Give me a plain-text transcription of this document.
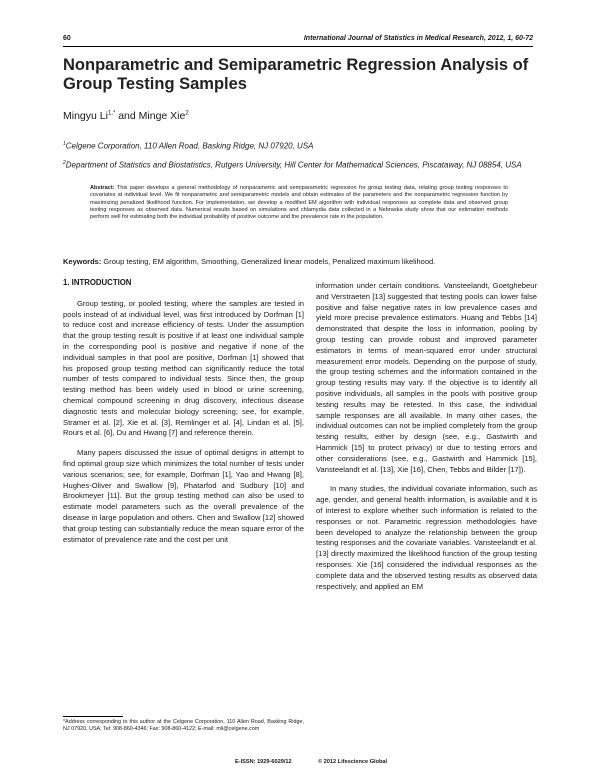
60	International Journal of Statistics in Medical Research, 2012, 1, 60-72
Nonparametric and Semiparametric Regression Analysis of Group Testing Samples
Mingyu $Li^{1,*}$ and Minge Xie$^2$
$^1$Celgene Corporation, 110 Allen Road, Basking Ridge, NJ 07920, USA
$^2$Department of Statistics and Biostatistics, Rutgers University, Hill Center for Mathematical Sciences, Piscataway, NJ 08854, USA
Abstract: This paper develops a general methodology of nonparametric and semiparametric regression for group testing data, relating group testing responses to covariates at individual level. We fit nonparametric and semiparametric models and obtain estimates of the parameters and the nonparametric regression function by maximizing penalized likelihood function. For implementation, we develop a modified EM algorithm with individual responses as complete data and observed group testing responses as observed data. Numerical results based on simulations and chlamydia data collected in a Nebraska study show that our estimation methods perform well for estimating both the individual probability of positive outcome and the prevalence rate in the population.
Keywords: Group testing, EM algorithm, Smoothing, Generalized linear models, Penalized maximum likelihood.
1. INTRODUCTION

Group testing, or pooled testing, where the samples are tested in pools instead of at individual level, was first introduced by Dorfman [1] to reduce cost and increase efficiency of tests. Under the assumption that the group testing result is positive if at least one individual sample in the corresponding pool is positive and negative if none of the individual samples in that pool are positive, Dorfman [1] showed that his proposed group testing method can significantly reduce the total number of tests compared to individual tests. Since then, the group testing method has been widely used in blood or urine screening, chemical compound screening in drug discovery, infectious disease diagnostic tests and molecular biology screening; see, for example, Stramer et al. [2], Xie et al. [3], Remlinger et al. [4], Lindan et al. [5], Rours et al. [6], Du and Hwang [7] and reference therein.

Many papers discussed the issue of optimal designs in attempt to find optimal group size which minimizes the total number of tests under various scenarios; see, for example, Dorfman [1], Yao and Hwang [8], Hughes-Oliver and Swallow [9], Phatarfod and Sudbury [10] and Brookmeyer [11]. But the group testing method can also be used to estimate model parameters such as the overall prevalence of the disease in large population and others. Chen and Swallow [12] showed that group testing can substantially reduce the mean square error of the estimator of prevalence rate and the cost per unit

information under certain conditions. Vansteelandt, Goetghebeur and Verstraeten [13] suggested that testing pools can lower false positive and false negative rates in low prevalence cases and yield more precise prevalence estimators. Huang and Tebbs [14] demonstrated that despite the loss in information, pooling by group testing can provide robust and improved parameter estimators in terms of mean-squared error under structural measurement error models. Depending on the purpose of study, the group testing schemes and the information contained in the group testing results may vary. If the objective is to identify all positive individuals, all samples in the pools with positive group testing results may be retested. In this case, the individual sample responses are all available. In many other cases, the individual outcomes can not be implied completely from the group testing results, either by design (see, e.g., Gastwirth and Hammick [15] to protect privacy) or due to testing errors and other considerations (see, e.g., Gastwirth and Hammick [15], Vansteelandt et al. [13], Xie [16], Chen, Tebbs and Bilder [17]).

In many studies, the individual covariate information, such as age, gender, and general health information, is available and it is of interest to explore whether such information is related to the responses or not. Parametric regression methodologies have been developed to analyze the relationship between the group testing responses and the covariate variables. Vansteelandt et al. [13] directly maximized the likelihood function of the group testing responses. Xie [16] considered the individual responses as the complete data and the observed testing results as observed data respectively, and applied an EM

*Address corresponding to this author at the Celgene Corporation, 110 Allen Road, Basking Ridge, NJ 07920, USA; Tel: 908-860-4346; Fax: 908-860-4122; E-mail: mli@celgene.com
E-ISSN: 1929-6029/12	© 2012 Lifescience Global
